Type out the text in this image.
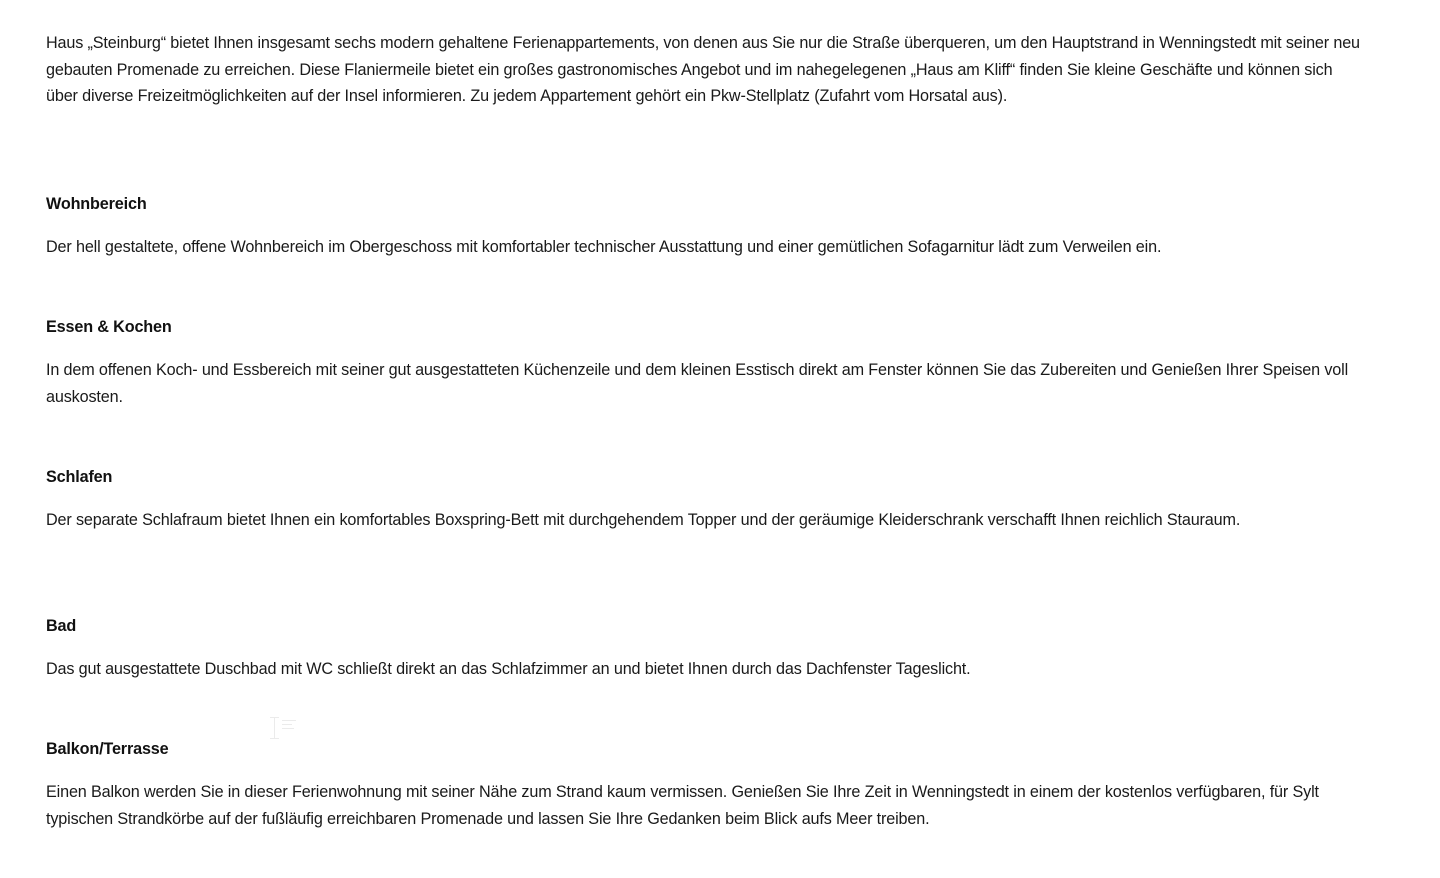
Haus „Steinburg“ bietet Ihnen insgesamt sechs modern gehaltene Ferienappartements, von denen aus Sie nur die Straße überqueren, um den Hauptstrand in Wenningstedt mit seiner neu gebauten Promenade zu erreichen. Diese Flaniermeile bietet ein großes gastronomisches Angebot und im nahegelegenen „Haus am Kliff“ finden Sie kleine Geschäfte und können sich über diverse Freizeitmöglichkeiten auf der Insel informieren. Zu jedem Appartement gehört ein Pkw-Stellplatz (Zufahrt vom Horsatal aus).

Wohnbereich

Der hell gestaltete, offene Wohnbereich im Obergeschoss mit komfortabler technischer Ausstattung und einer gemütlichen Sofagarnitur lädt zum Verweilen ein.

Essen & Kochen

In dem offenen Koch- und Essbereich mit seiner gut ausgestatteten Küchenzeile und dem kleinen Esstisch direkt am Fenster können Sie das Zubereiten und Genießen Ihrer Speisen voll auskosten.

Schlafen

Der separate Schlafraum bietet Ihnen ein komfortables Boxspring-Bett mit durchgehendem Topper und der geräumige Kleiderschrank verschafft Ihnen reichlich Stauraum.

Bad

Das gut ausgestattete Duschbad mit WC schließt direkt an das Schlafzimmer an und bietet Ihnen durch das Dachfenster Tageslicht.

Balkon/Terrasse

Einen Balkon werden Sie in dieser Ferienwohnung mit seiner Nähe zum Strand kaum vermissen. Genießen Sie Ihre Zeit in Wenningstedt in einem der kostenlos verfügbaren, für Sylt typischen Strandkörbe auf der fußläufig erreichbaren Promenade und lassen Sie Ihre Gedanken beim Blick aufs Meer treiben.
